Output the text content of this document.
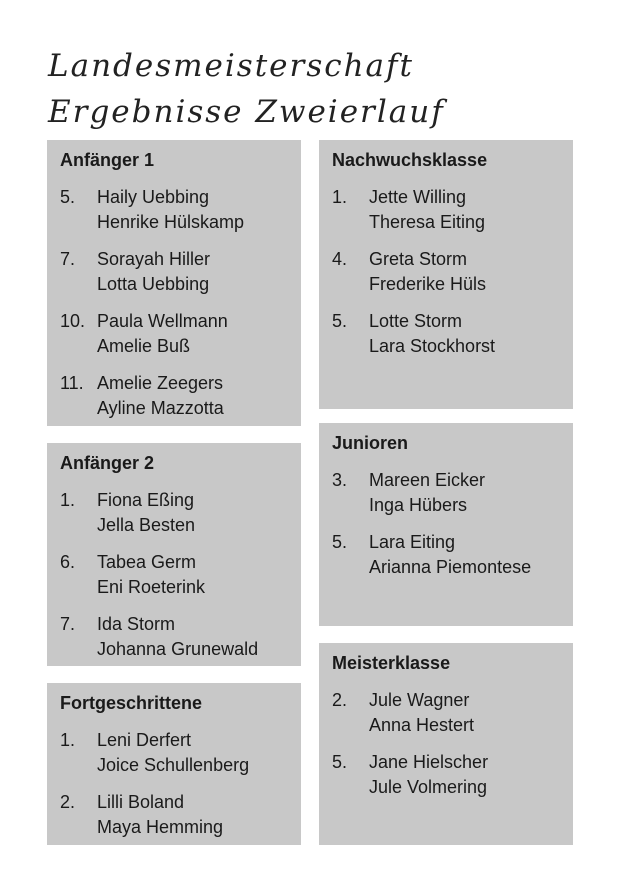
Landesmeisterschaft
Ergebnisse Zweierlauf
Anfänger 1
5.	Haily Uebbing
Henrike Hülskamp
7.	Sorayah Hiller
Lotta Uebbing
10. Paula Wellmann
Amelie Buß
11. Amelie Zeegers
Ayline Mazzotta
Anfänger 2
1.	Fiona Eßing
Jella Besten
6.	Tabea Germ
Eni Roeterink
7.	Ida Storm
Johanna Grunewald
Fortgeschrittene
1.	Leni Derfert
Joice Schullenberg
2.	Lilli Boland
Maya Hemming
Nachwuchsklasse
1.	Jette Willing
Theresa Eiting
4.	Greta Storm
Frederike Hüls
5.	Lotte Storm
Lara Stockhorst
Junioren
3.	Mareen Eicker
Inga Hübers
5.	Lara Eiting
Arianna Piemontese
Meisterklasse
2.	Jule Wagner
Anna Hestert
5.	Jane Hielscher
Jule Volmering
